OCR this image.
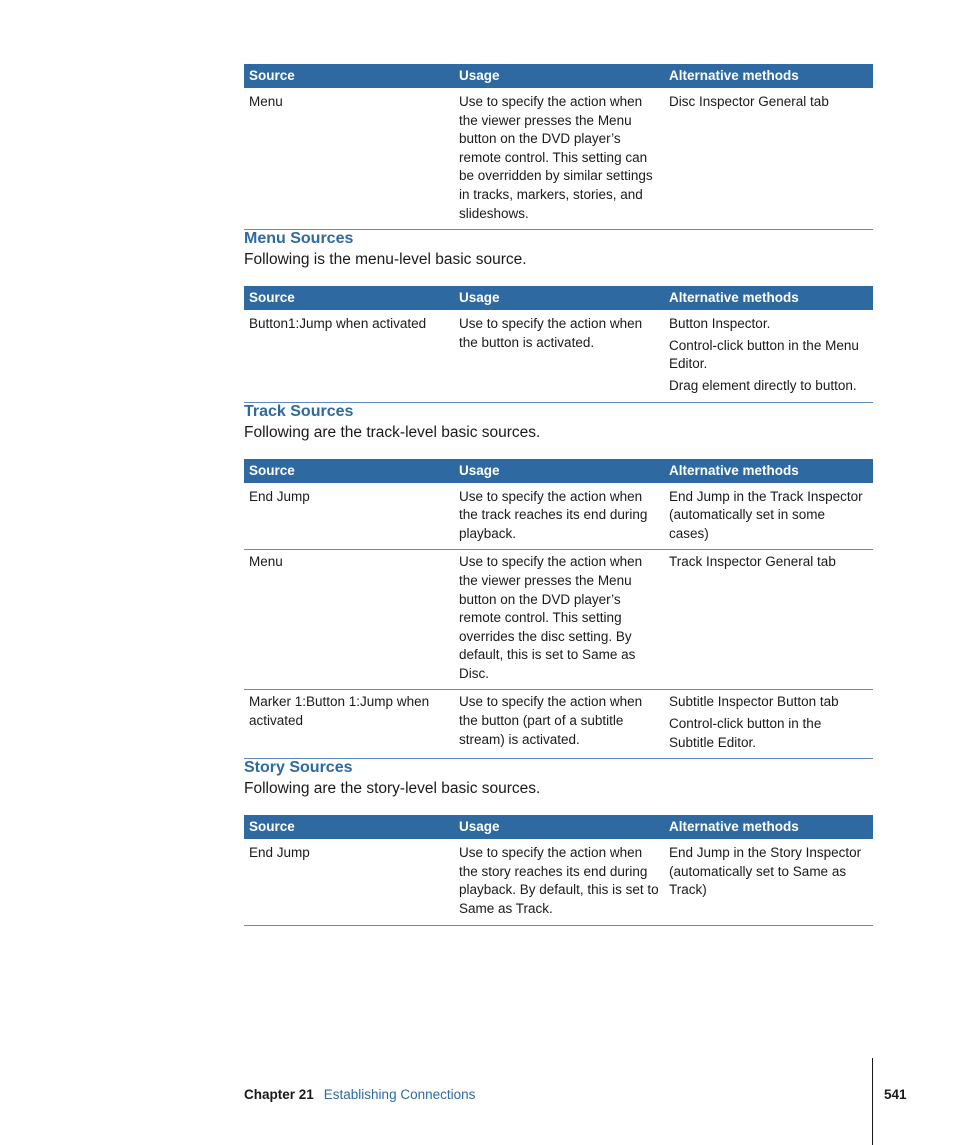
Source	Usage	Alternative methods
Menu	Use to specify the action when the viewer presses the Menu button on the DVD player’s remote control. This setting can be overridden by similar settings in tracks, markers, stories, and slideshows.	Disc Inspector General tab
Menu Sources

Following is the menu-level basic source.

Source	Usage	Alternative methods
Button1:Jump when activated	Use to specify the action when the button is activated.	Button Inspector.
Control-click button in the Menu Editor.
Drag element directly to button.
Track Sources

Following are the track-level basic sources.

Source	Usage	Alternative methods
End Jump	Use to specify the action when the track reaches its end during playback.	End Jump in the Track Inspector (automatically set in some cases)

Menu	Use to specify the action when the viewer presses the Menu button on the DVD player’s remote control. This setting overrides the disc setting. By default, this is set to Same as Disc.	Track Inspector General tab

Marker 1:Button 1:Jump when activated	Use to specify the action when the button (part of a subtitle stream) is activated.	Subtitle Inspector Button tab
Control-click button in the Subtitle Editor.
Story Sources

Following are the story-level basic sources.

Source	Usage	Alternative methods
End Jump	Use to specify the action when the story reaches its end during playback. By default, this is set to Same as Track.	End Jump in the Story Inspector (automatically set to Same as Track)
Chapter 21 Establishing Connections	541
